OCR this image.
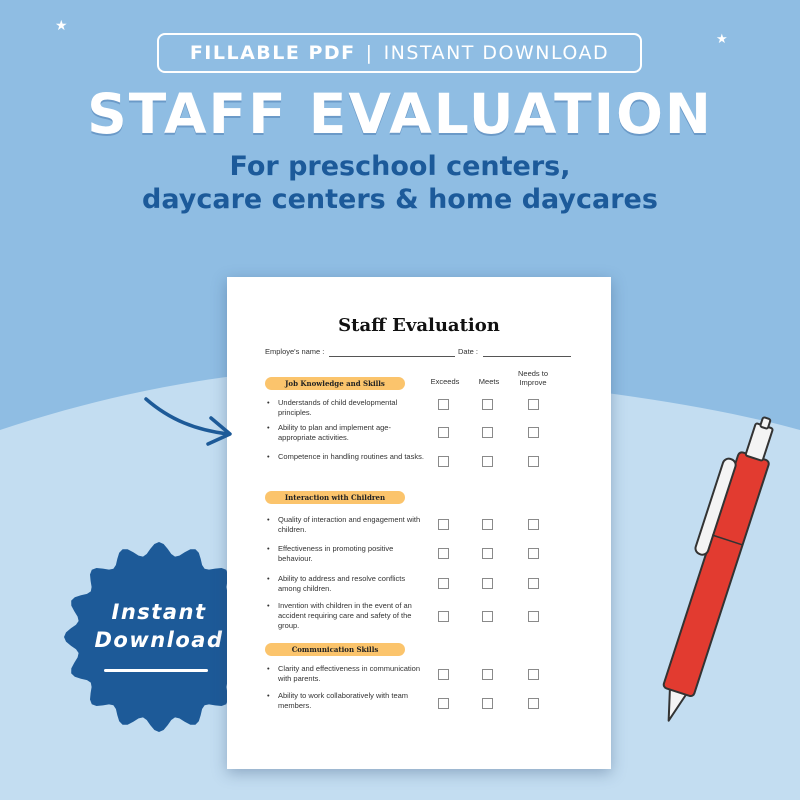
★
★
FILLABLE PDF | INSTANT DOWNLOAD
STAFF EVALUATION
For preschool centers,
daycare centers & home daycares
Instant
Download
Staff Evaluation
Employe's name :	Date :
Exceeds	Meets
Needs to Improve
Job Knowledge and Skills
• Understands of child developmental principles.
• Ability to plan and implement age-appropriate activities.
• Competence in handling routines and tasks.
Interaction with Children
• Quality of interaction and engagement with children.
• Effectiveness in promoting positive behaviour.
• Ability to address and resolve conflicts among children.
• Invention with children in the event of an accident requiring care and safety of the group.
Communication Skills
• Clarity and effectiveness in communication with parents.
• Ability to work collaboratively with team members.
